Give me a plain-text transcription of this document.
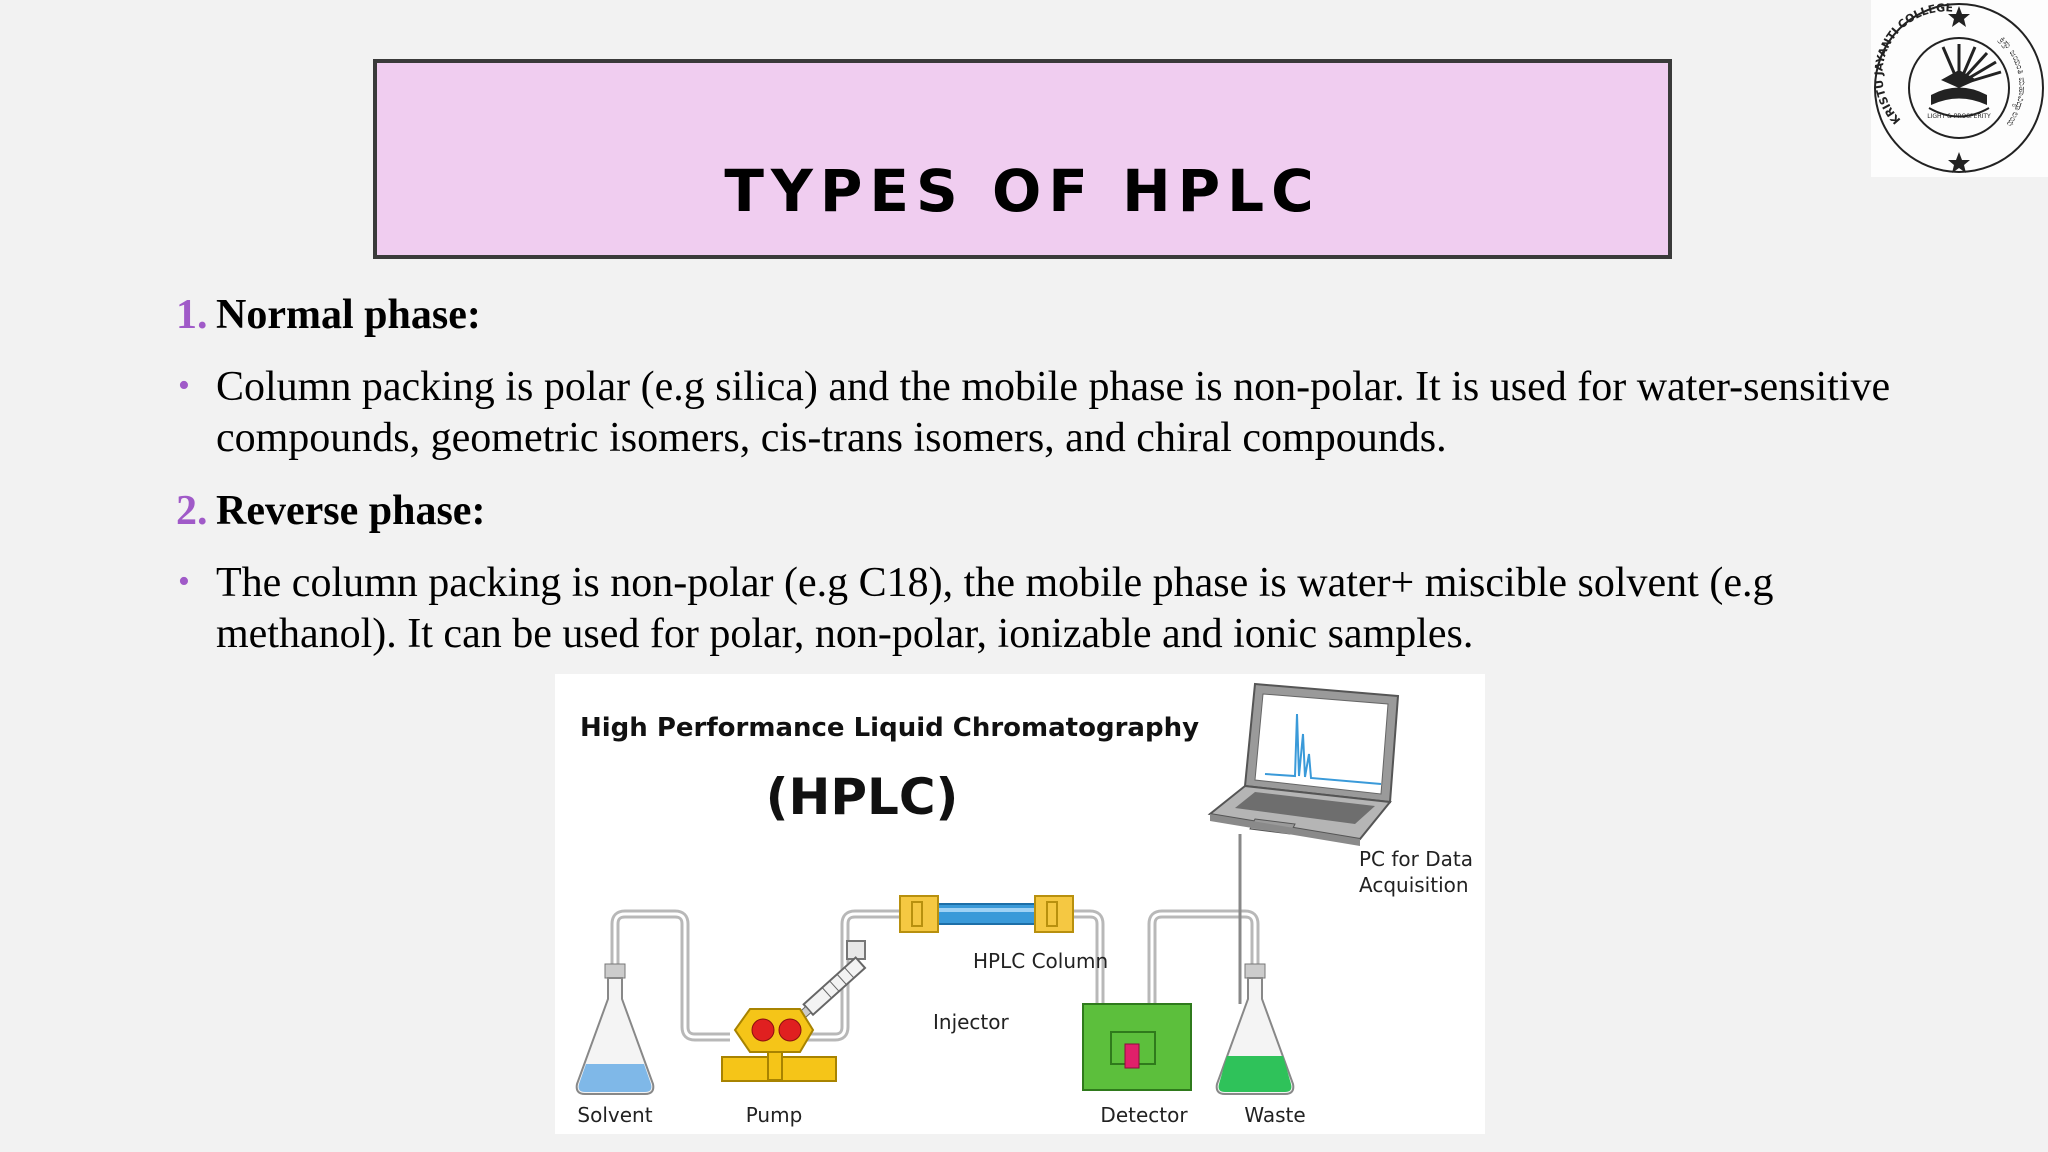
TYPES OF HPLC
LIGHT & PROSPERITY
KRISTU JAYANTI COLLEGE
ಕ್ರಿಸ್ತು ಜಯಂತಿ ಮಹಾವಿದ್ಯಾಲಯ
1. Normal phase:
• Column packing is polar (e.g silica) and the mobile phase is non-polar. It is used for water-sensitive
compounds, geometric isomers, cis-trans isomers, and chiral compounds.
2. Reverse phase:
• The column packing is non-polar (e.g C18), the mobile phase is water+ miscible solvent (e.g
methanol). It can be used for polar, non-polar, ionizable and ionic samples.
High Performance Liquid Chromatography
(HPLC)
HPLC Column
Injector
Pump
Solvent	Detector	Waste
PC for Data
Acquisition
